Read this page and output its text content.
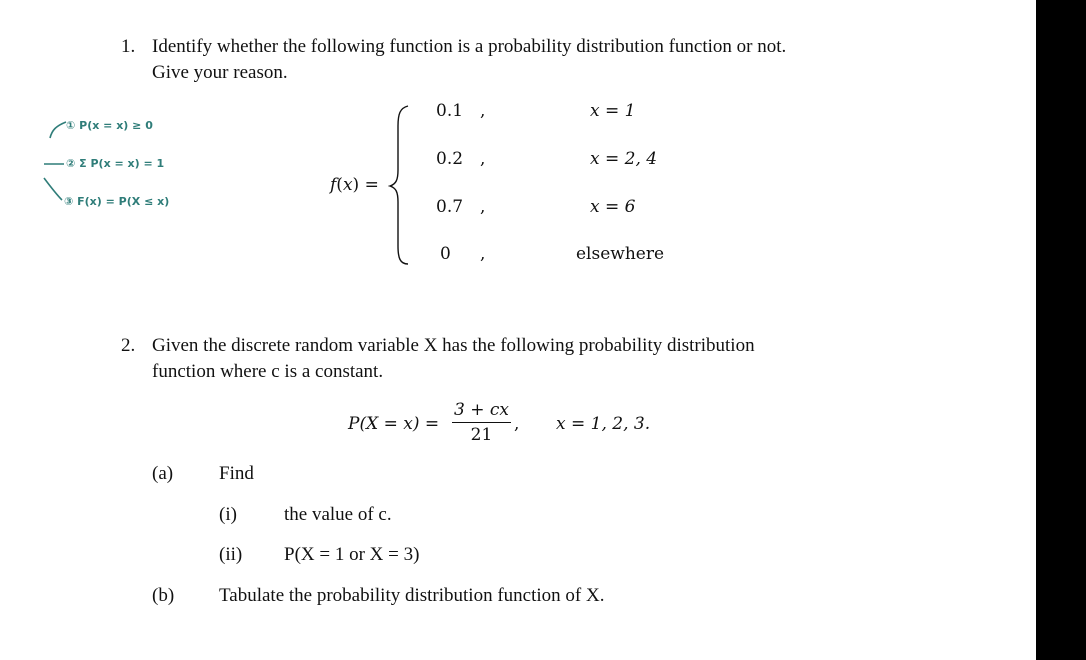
1. Identify whether the following function is a probability distribution function or not.
Give your reason.
① P(x = x) ≥ 0
② Σ P(x = x) = 1
③ F(x) = P(X ≤ x)
f(x) =
0.1 ,	x = 1
0.2 ,	x = 2, 4
0.7 ,	x = 6
0 ,	elsewhere
2. Given the discrete random variable X has the following probability distribution
function where c is a constant.
$P(X = x) = \frac{3 + cx}{21}$ , x = 1, 2, 3.
(a) Find
(i) the value of c.
(ii) P(X = 1 or X = 3)
(b) Tabulate the probability distribution function of X.
